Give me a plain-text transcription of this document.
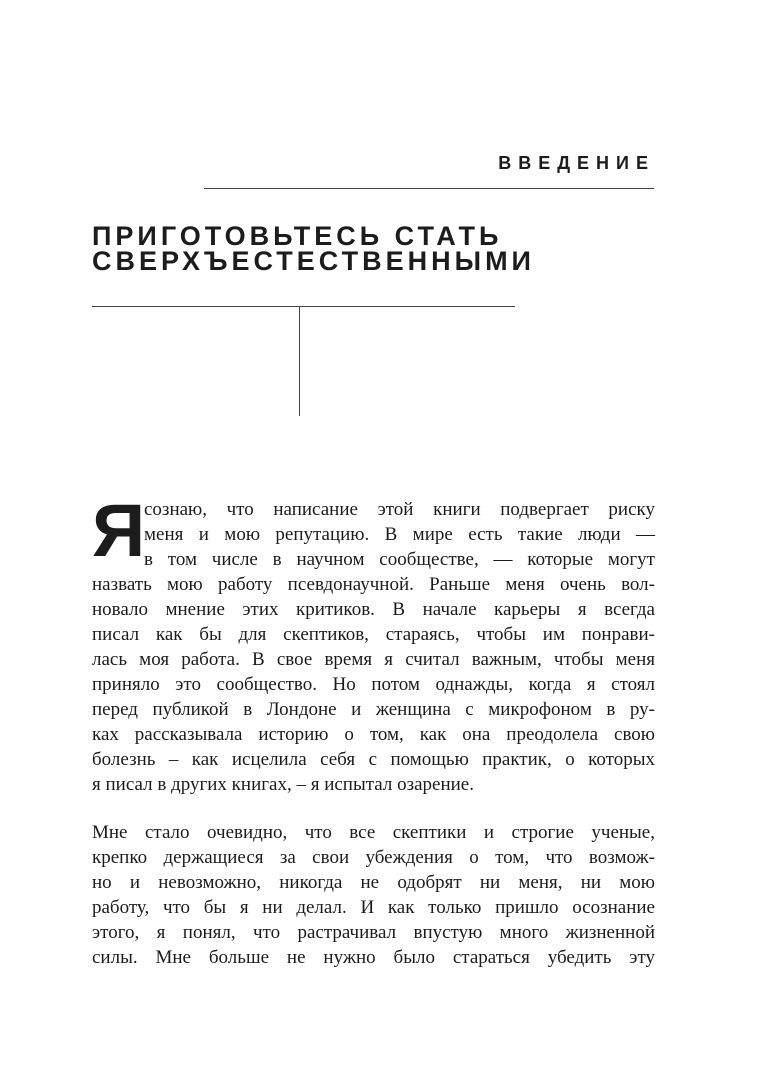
ВВЕДЕНИЕ
ПРИГОТОВЬТЕСЬ СТАТЬ
СВЕРХЪЕСТЕСТВЕННЫМИ
Я
сознаю, что написание этой книги подвергает риску
меня и мою репутацию. В мире есть такие люди —
в том числе в научном сообществе, — которые могут
назвать мою работу псевдонаучной. Раньше меня очень вол-
новало мнение этих критиков. В начале карьеры я всегда
писал как бы для скептиков, стараясь, чтобы им понрави-
лась моя работа. В свое время я считал важным, чтобы меня
приняло это сообщество. Но потом однажды, когда я стоял
перед публикой в Лондоне и женщина с микрофоном в ру-
ках рассказывала историю о том, как она преодолела свою
болезнь – как исцелила себя с помощью практик, о которых
я писал в других книгах, – я испытал озарение.
Мне стало очевидно, что все скептики и строгие ученые,
крепко держащиеся за свои убеждения о том, что возмож-
но и невозможно, никогда не одобрят ни меня, ни мою
работу, что бы я ни делал. И как только пришло осознание
этого, я понял, что растрачивал впустую много жизненной
силы. Мне больше не нужно было стараться убедить эту
